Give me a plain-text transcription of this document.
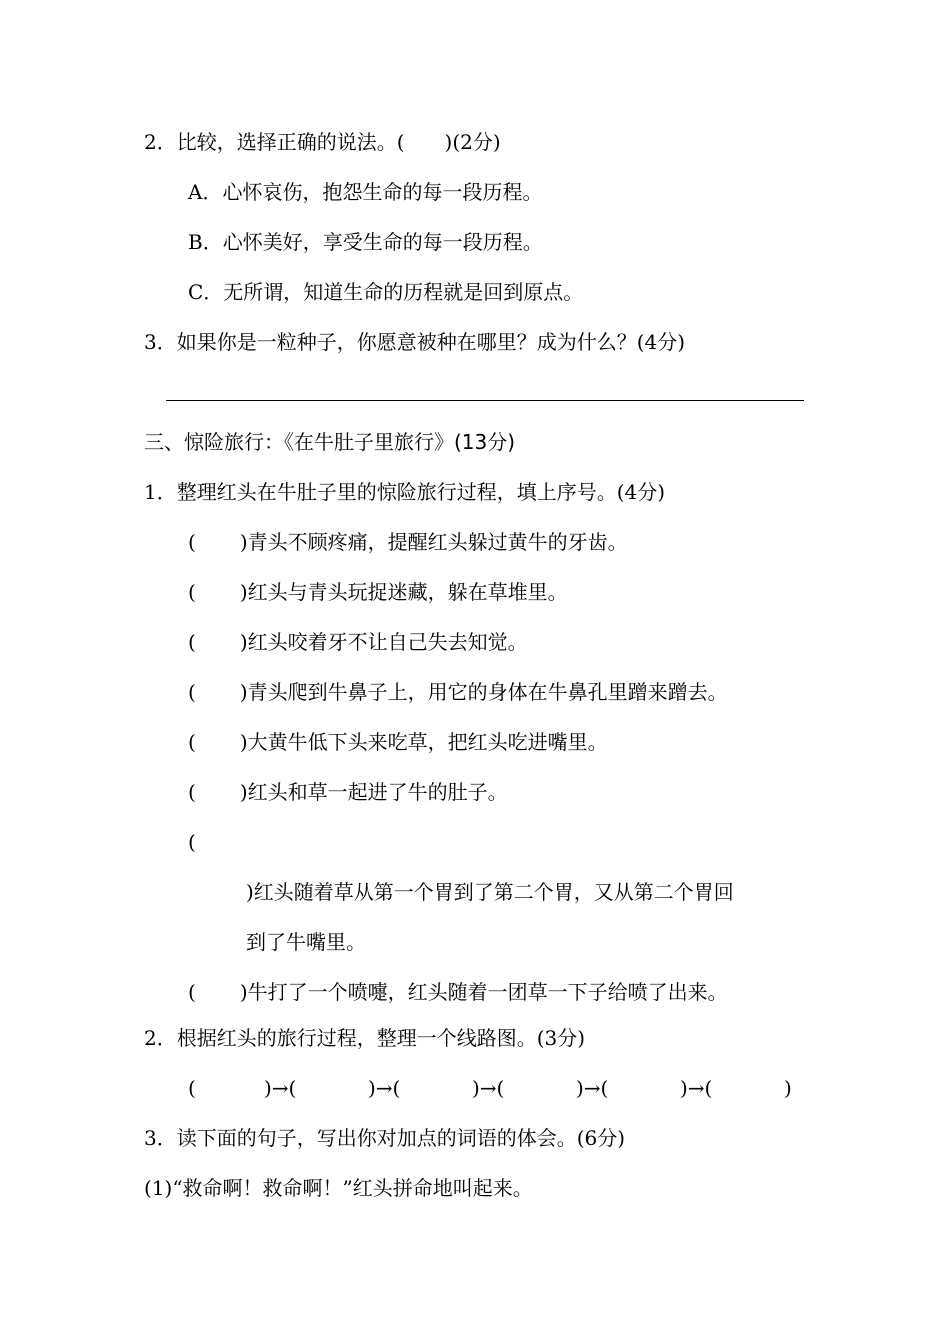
2．比较，选择正确的说法。(　　)(2分)
A．心怀哀伤，抱怨生命的每一段历程。
B．心怀美好，享受生命的每一段历程。
C．无所谓，知道生命的历程就是回到原点。
3．如果你是一粒种子，你愿意被种在哪里？成为什么？(4分)
三、惊险旅行：《在牛肚子里旅行》(13分)
1．整理红头在牛肚子里的惊险旅行过程，填上序号。(4分)
( )青头不顾疼痛，提醒红头躲过黄牛的牙齿。
( )红头与青头玩捉迷藏，躲在草堆里。
( )红头咬着牙不让自己失去知觉。
( )青头爬到牛鼻子上，用它的身体在牛鼻孔里蹭来蹭去。
( )大黄牛低下头来吃草，把红头吃进嘴里。
( )红头和草一起进了牛的肚子。
(
)红头随着草从第一个胃到了第二个胃，又从第二个胃回
到了牛嘴里。
( )牛打了一个喷嚏，红头随着一团草一下子给喷了出来。
2．根据红头的旅行过程，整理一个线路图。(3分)
(	)→(	)→(	)→(	)→(	)→(	)
3．读下面的句子，写出你对加点的词语的体会。(6分)
(1)“救命啊！救命啊！”红头拼命地叫起来。
